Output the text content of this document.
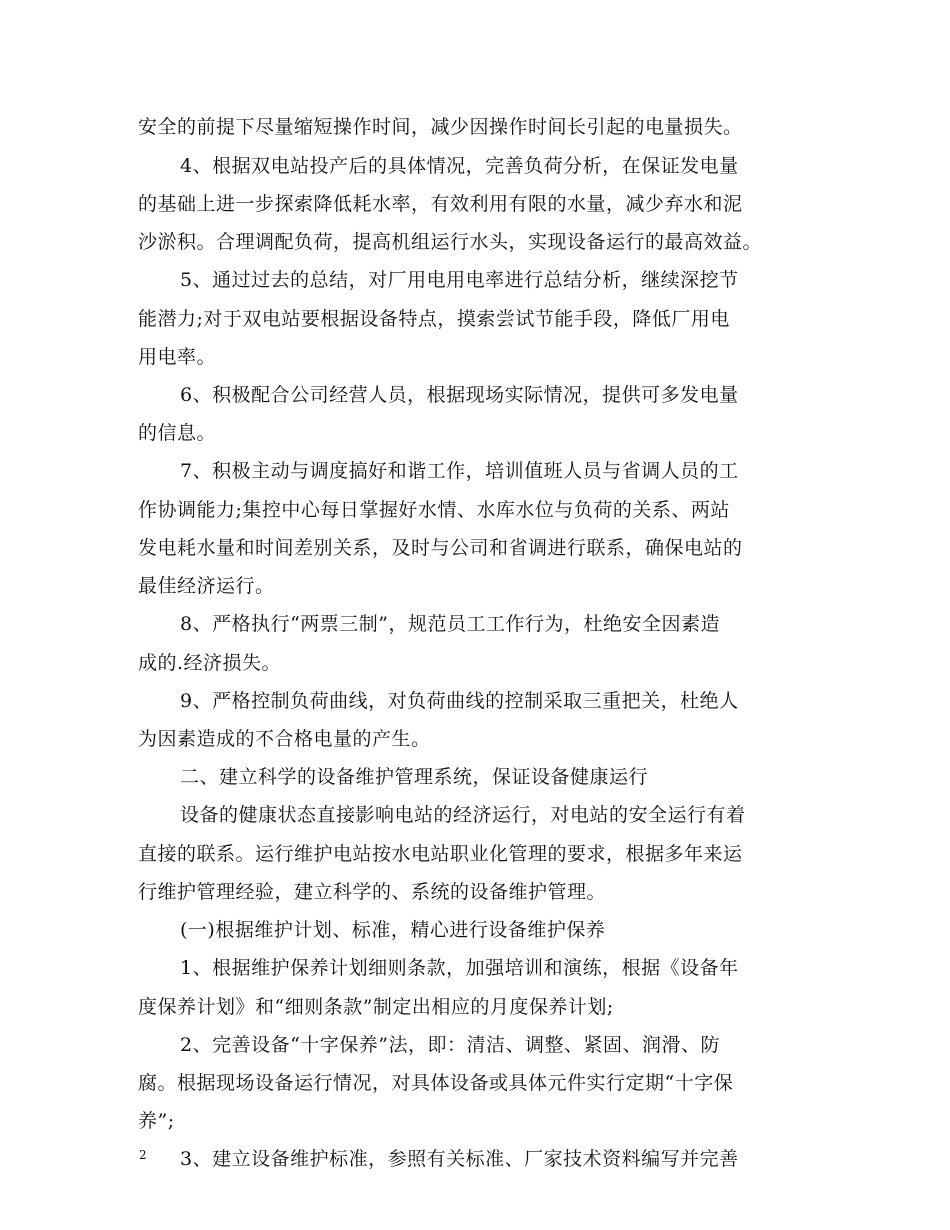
安全的前提下尽量缩短操作时间，减少因操作时间长引起的电量损失。
4、根据双电站投产后的具体情况，完善负荷分析，在保证发电量
的基础上进一步探索降低耗水率，有效利用有限的水量，减少弃水和泥
沙淤积。合理调配负荷，提高机组运行水头，实现设备运行的最高效益。
5、通过过去的总结，对厂用电用电率进行总结分析，继续深挖节
能潜力;对于双电站要根据设备特点，摸索尝试节能手段，降低厂用电
用电率。
6、积极配合公司经营人员，根据现场实际情况，提供可多发电量
的信息。
7、积极主动与调度搞好和谐工作，培训值班人员与省调人员的工
作协调能力;集控中心每日掌握好水情、水库水位与负荷的关系、两站
发电耗水量和时间差别关系，及时与公司和省调进行联系，确保电站的
最佳经济运行。
8、严格执行“两票三制”，规范员工工作行为，杜绝安全因素造
成的.经济损失。
9、严格控制负荷曲线，对负荷曲线的控制采取三重把关，杜绝人
为因素造成的不合格电量的产生。
二、建立科学的设备维护管理系统，保证设备健康运行
设备的健康状态直接影响电站的经济运行，对电站的安全运行有着
直接的联系。运行维护电站按水电站职业化管理的要求，根据多年来运
行维护管理经验，建立科学的、系统的设备维护管理。
(一)根据维护计划、标准，精心进行设备维护保养
1、根据维护保养计划细则条款，加强培训和演练，根据《设备年
度保养计划》和“细则条款”制定出相应的月度保养计划;
2、完善设备“十字保养”法，即：清洁、调整、紧固、润滑、防
腐。根据现场设备运行情况，对具体设备或具体元件实行定期“十字保
养”;
3、建立设备维护标准，参照有关标准、厂家技术资料编写并完善
2
